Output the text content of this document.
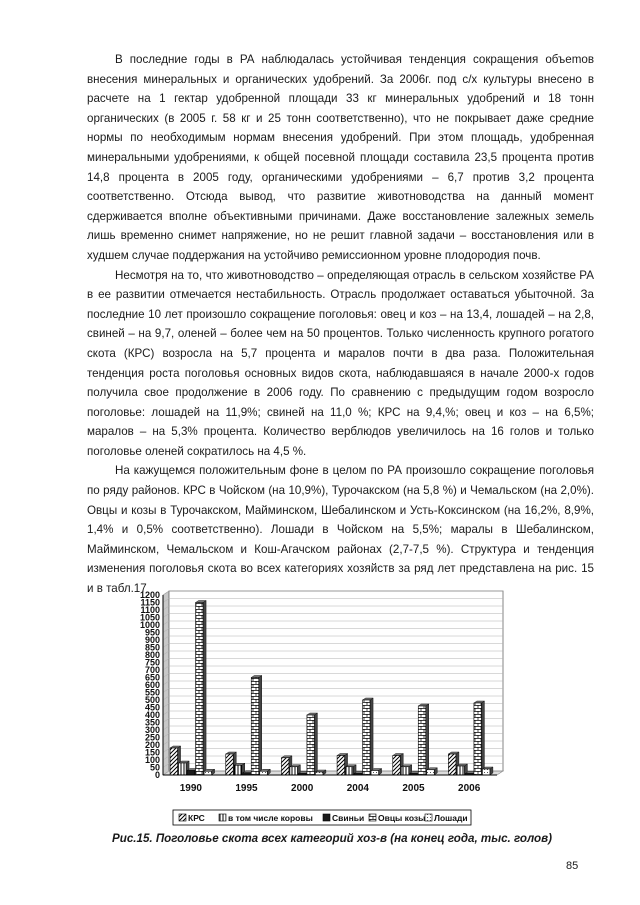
В последние годы в РА наблюдалась устойчивая тенденция сокращения объеmов внесения минеральных и органических удобрений. За 2006г. под с/х культуры внесено в расчете на 1 гектар удобренной площади 33 кг минеральных удобрений и 18 тонн органических (в 2005 г. 58 кг и 25 тонн соответственно), что не покрывает даже средние нормы по необходимым нормам внесения удобрений. При этом площадь, удобренная минеральными удобрениями, к общей посевной площади составила 23,5 процента против 14,8 процента в 2005 году, органическими удобрениями – 6,7 против 3,2 процента соответственно. Отсюда вывод, что развитие животноводства на данный момент сдерживается вполне объективными причинами. Даже восстановление залежных земель лишь временно снимет напряжение, но не решит главной задачи – восстановления или в худшем случае поддержания на устойчиво ремиссионном уровне плодородия почв.

Несмотря на то, что животноводство – определяющая отрасль в сельском хозяйстве РА в ее развитии отмечается нестабильность. Отрасль продолжает оставаться убыточной. За последние 10 лет произошло сокращение поголовья: овец и коз – на 13,4, лошадей – на 2,8, свиней – на 9,7, оленей – более чем на 50 процентов. Только численность крупного рогатого скота (КРС) возросла на 5,7 процента и маралов почти в два раза. Положительная тенденция роста поголовья основных видов скота, наблюдавшаяся в начале 2000-х годов получила свое продолжение в 2006 году. По сравнению с предыдущим годом возросло поголовье: лошадей на 11,9%; свиней на 11,0 %; КРС на 9,4,%; овец и коз – на 6,5%; маралов – на 5,3% процента. Количество верблюдов увеличилось на 16 голов и только поголовье оленей сократилось на 4,5 %.

На кажущемся положительным фоне в целом по РА произошло сокращение поголовья по ряду районов. КРС в Чойском (на 10,9%), Турочакском (на 5,8 %) и Чемальском (на 2,0%). Овцы и козы в Турочакском, Майминском, Шебалинском и Усть-Коксинском (на 16,2%, 8,9%, 1,4% и 0,5% соответственно). Лошади в Чойском на 5,5%; маралы в Шебалинском, Майминском, Чемальском и Кош-Агачском районах (2,7-7,5 %). Структура и тенденция изменения поголовья скота во всех категориях хозяйств за ряд лет представлена на рис. 15 и в табл.17

0
50
100
150
200
250
300
350
400
450
500
550
600
650
700
750
800
850
900
950
1000
1050
1100
1150
1200
1990	1995	2000	2004	2005	2006
КРС	в том числе коровы Свиньи Овцы козы Лошади
Рис.15. Поголовье скота всех категорий хоз-в (на конец года, тыс. голов)
85
